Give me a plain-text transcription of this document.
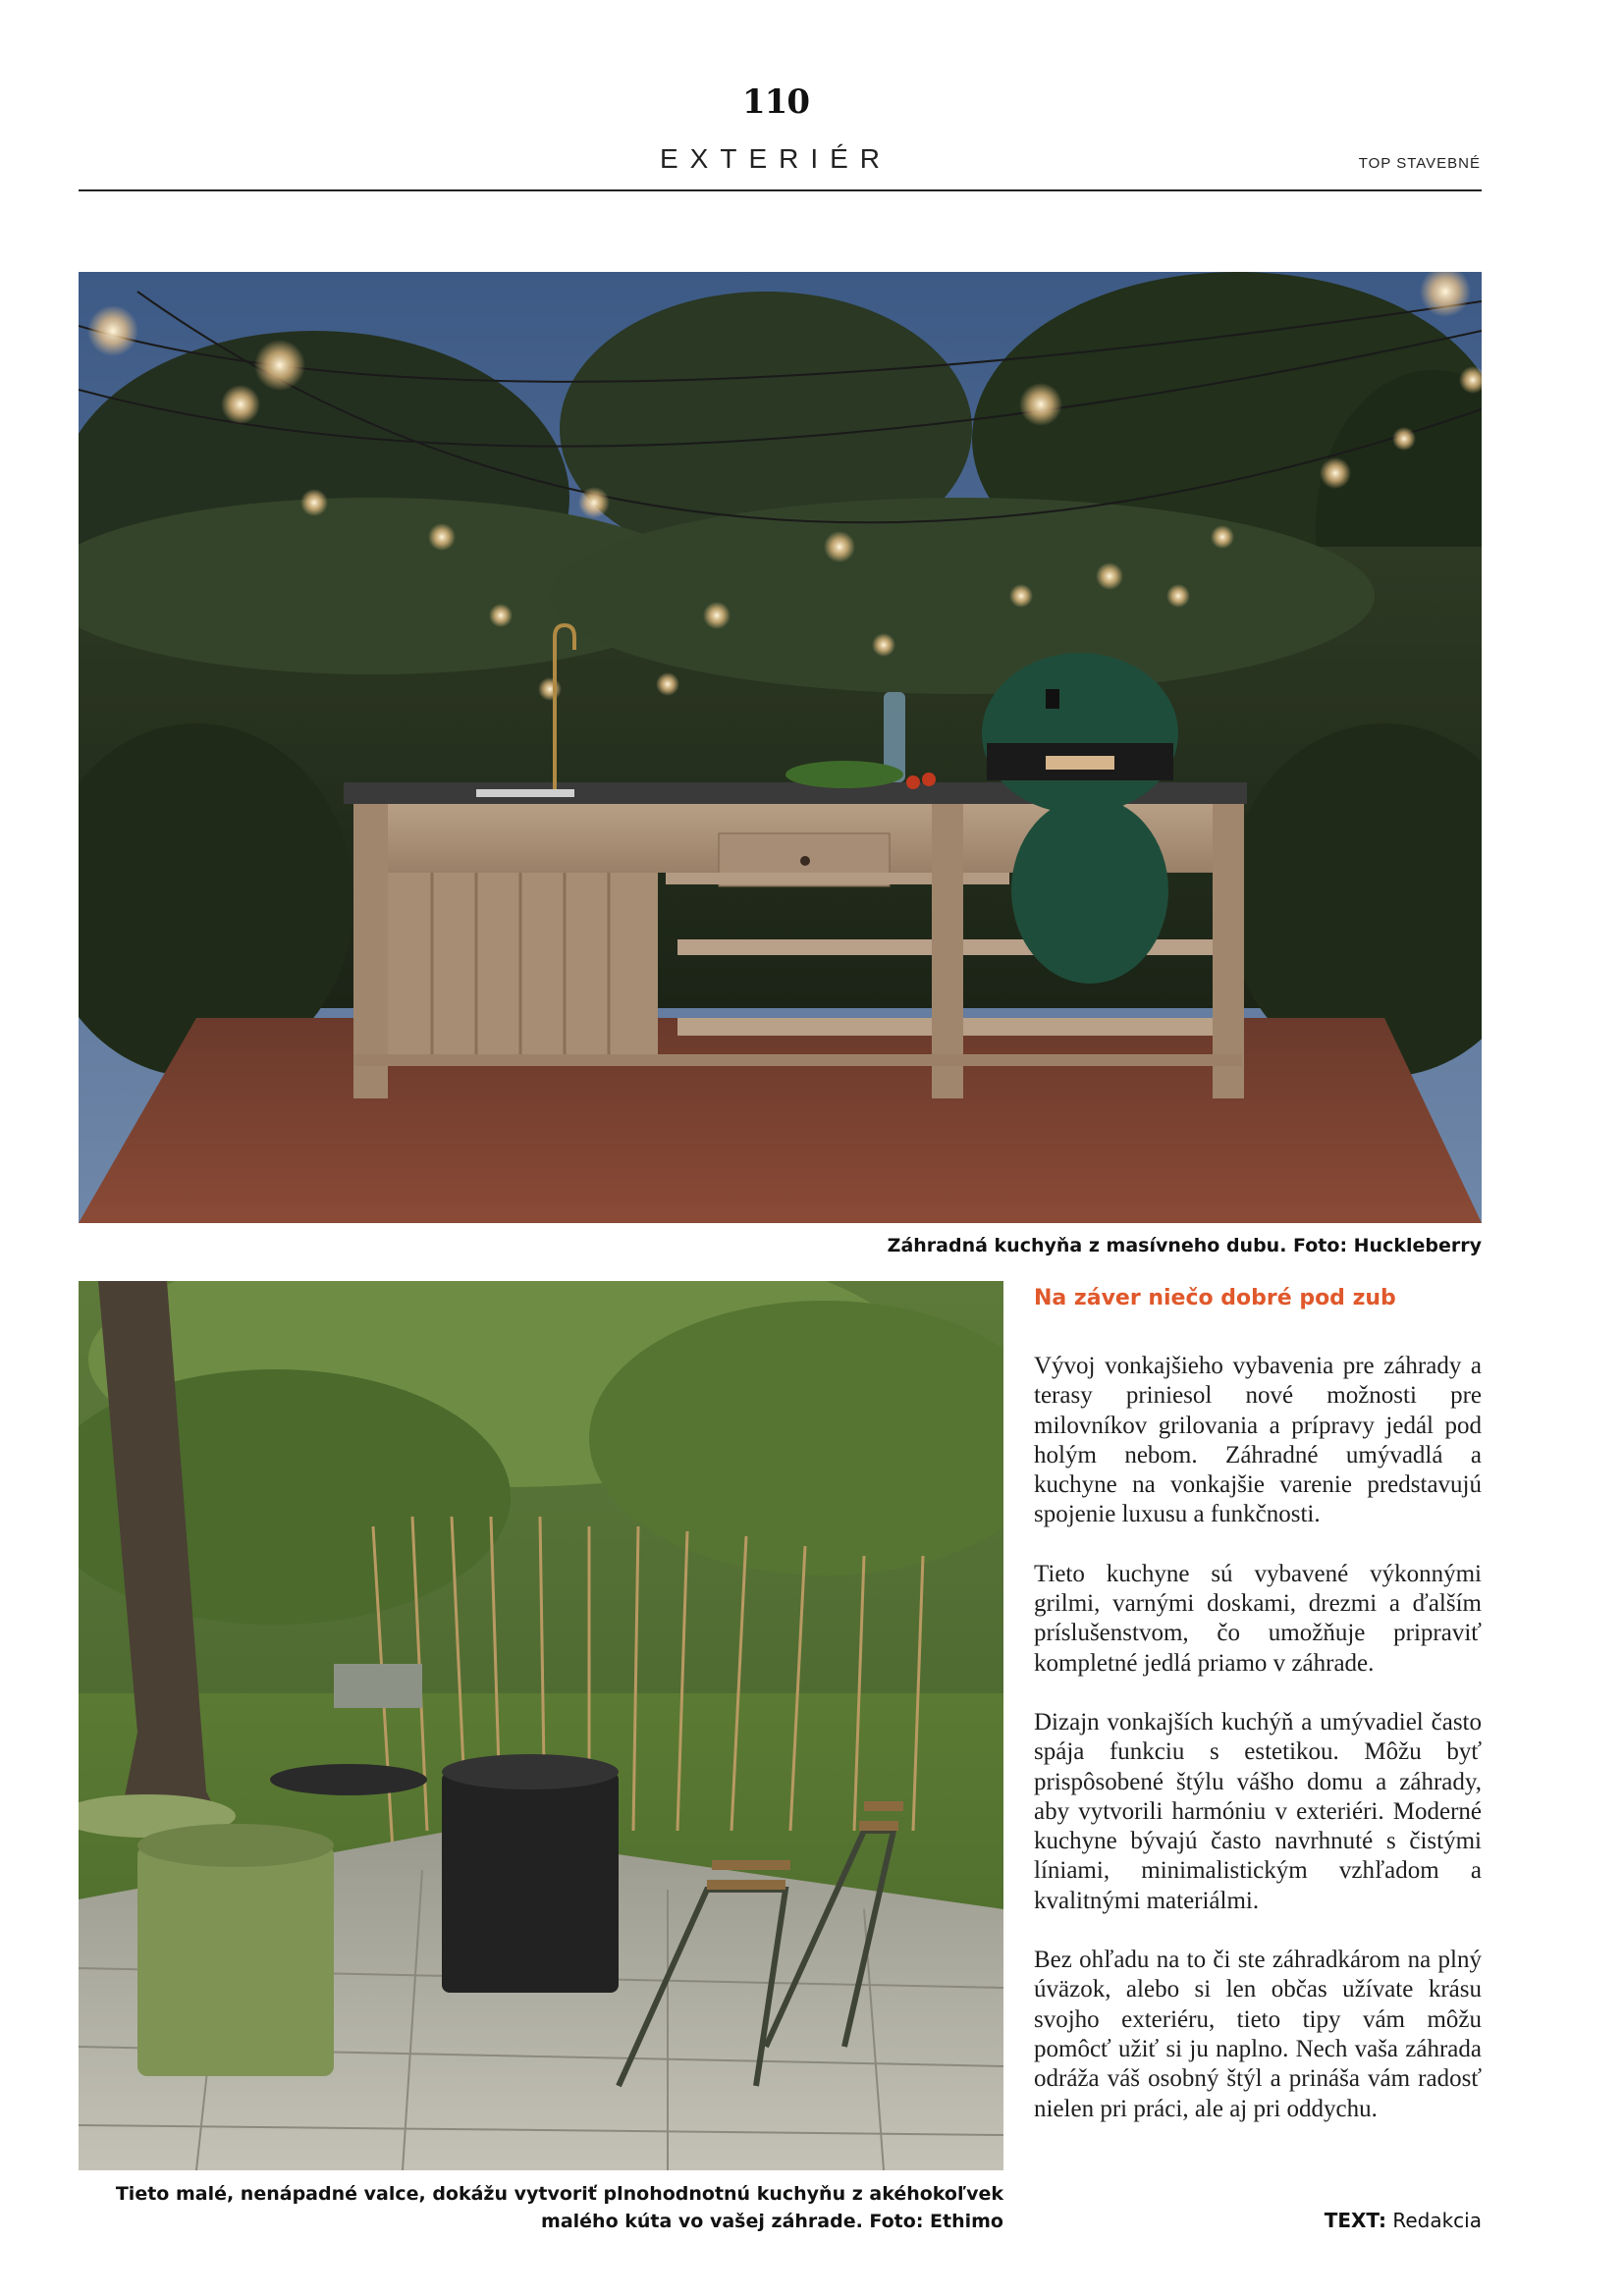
110
EXTERIÉR	TOP STAVEBNÉ
Záhradná kuchyňa z masívneho dubu. Foto: Huckleberry
Tieto malé, nenápadné valce, dokážu vytvoriť plnohodnotnú kuchyňu z akéhokoľvek malého kúta vo vašej záhrade. Foto: Ethimo
Na záver niečo dobré pod zub

Vývoj vonkajšieho vybavenia pre záhrady a terasy priniesol nové možnosti pre milovníkov grilovania a prípravy jedál pod holým nebom. Záhradné umývadlá a kuchyne na vonkajšie varenie predstavujú spojenie luxusu a funkčnosti.

Tieto kuchyne sú vybavené výkonnými grilmi, varnými doskami, drezmi a ďalším príslušenstvom, čo umožňuje pripraviť kompletné jedlá priamo v záhrade.

Dizajn vonkajších kuchýň a umývadiel často spája funkciu s estetikou. Môžu byť prispôsobené štýlu vášho domu a záhrady, aby vytvorili harmóniu v exteriéri. Moderné kuchyne bývajú často navrhnuté s čistými líniami, minimalistickým vzhľadom a kvalitnými materiálmi.

Bez ohľadu na to či ste záhradkárom na plný úväzok, alebo si len občas užívate krásu svojho exteriéru, tieto tipy vám môžu pomôcť užiť si ju naplno. Nech vaša záhrada odráža váš osobný štýl a prináša vám radosť nielen pri práci, ale aj pri oddychu.

TEXT: Redakcia
